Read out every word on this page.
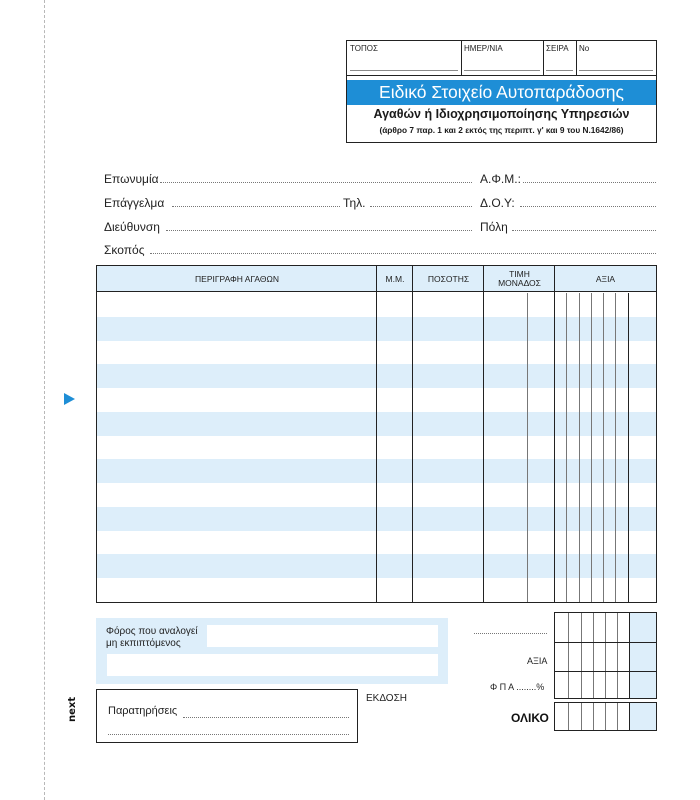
ΤΟΠΟΣ	ΗΜΕΡ/ΝΙΑ	ΣΕΙΡΑ	No
Ειδικό Στοιχείο Αυτοπαράδοσης
Αγαθών ή Ιδιοχρησιμοποίησης Υπηρεσιών
(άρθρο 7 παρ. 1 και 2 εκτός της περιπτ. γ' και 9 του Ν.1642/86)
Επωνυμία	Α.Φ.Μ.:
Επάγγελμα	Τηλ.	Δ.Ο.Υ:
Διεύθυνση	Πόλη
Σκοπός
ΠΕΡΙΓΡΑΦΗ ΑΓΑΘΩΝ	Μ.Μ.	ΠΟΣΟΤΗΣ	ΤΙΜΗ ΜΟΝΑΔΟΣ	ΑΞΙΑ
Φόρος που αναλογεί μη εκπιπτόμενος
Παρατηρήσεις
ΕΚΔΟΣΗ
ΑΞΙΑ
Φ Π Α ........%
ΟΛΙΚΟ
next
